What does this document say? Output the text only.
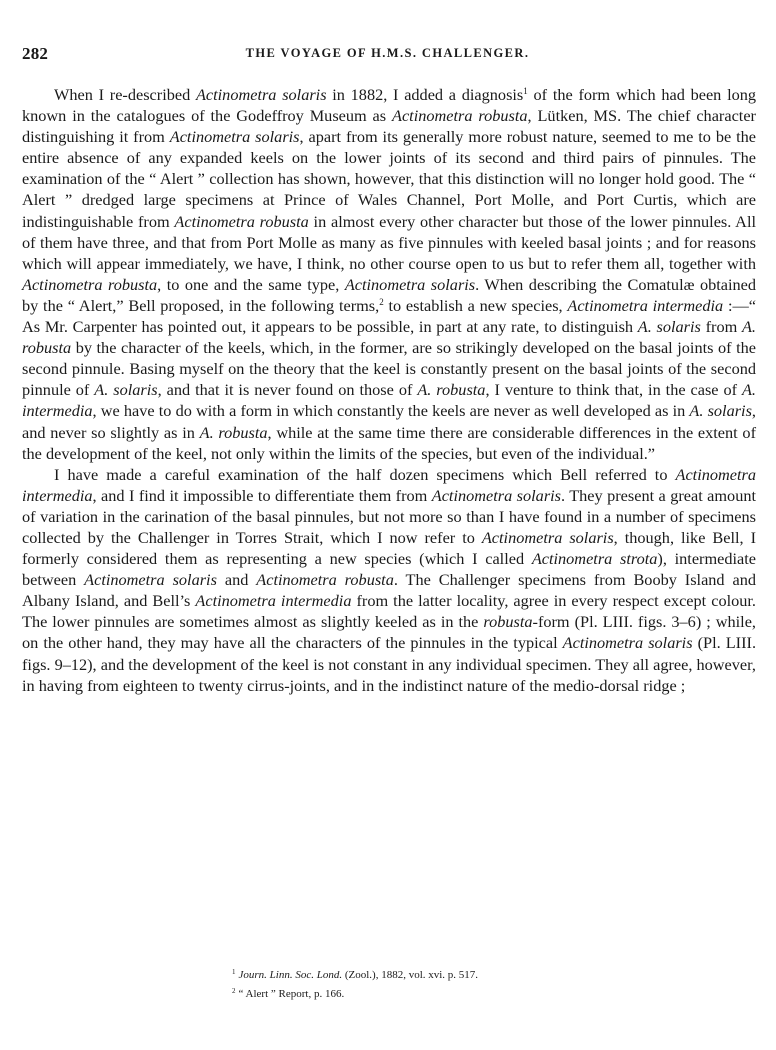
282	THE VOYAGE OF H.M.S. CHALLENGER.

When I re-described Actinometra solaris in 1882, I added a diagnosis$^1$ of the form which had been long known in the catalogues of the Godeffroy Museum as Actinometra robusta, Lütken, MS. The chief character distinguishing it from Actinometra solaris, apart from its generally more robust nature, seemed to me to be the entire absence of any expanded keels on the lower joints of its second and third pairs of pinnules. The examination of the “ Alert ” collection has shown, however, that this distinction will no longer hold good. The “ Alert ” dredged large specimens at Prince of Wales Channel, Port Molle, and Port Curtis, which are indistinguishable from Actinometra robusta in almost every other character but those of the lower pinnules. All of them have three, and that from Port Molle as many as five pinnules with keeled basal joints ; and for reasons which will appear immediately, we have, I think, no other course open to us but to refer them all, together with Actinometra robusta, to one and the same type, Actinometra solaris. When describing the Comatulæ obtained by the “ Alert,” Bell proposed, in the following terms,$^2$ to establish a new species, Actinometra intermedia :—“ As Mr. Carpenter has pointed out, it appears to be possible, in part at any rate, to distinguish A. solaris from A. robusta by the character of the keels, which, in the former, are so strikingly developed on the basal joints of the second pinnule. Basing myself on the theory that the keel is constantly present on the basal joints of the second pinnule of A. solaris, and that it is never found on those of A. robusta, I venture to think that, in the case of A. intermedia, we have to do with a form in which constantly the keels are never as well developed as in A. solaris, and never so slightly as in A. robusta, while at the same time there are considerable differences in the extent of the development of the keel, not only within the limits of the species, but even of the individual.”

I have made a careful examination of the half dozen specimens which Bell referred to Actinometra intermedia, and I find it impossible to differentiate them from Actinometra solaris. They present a great amount of variation in the carination of the basal pinnules, but not more so than I have found in a number of specimens collected by the Challenger in Torres Strait, which I now refer to Actinometra solaris, though, like Bell, I formerly considered them as representing a new species (which I called Actinometra strota), intermediate between Actinometra solaris and Actinometra robusta. The Challenger specimens from Booby Island and Albany Island, and Bell’s Actinometra intermedia from the latter locality, agree in every respect except colour. The lower pinnules are sometimes almost as slightly keeled as in the robusta-form (Pl. LIII. figs. 3–6) ; while, on the other hand, they may have all the characters of the pinnules in the typical Actinometra solaris (Pl. LIII. figs. 9–12), and the development of the keel is not constant in any individual specimen. They all agree, however, in having from eighteen to twenty cirrus-joints, and in the indistinct nature of the medio-dorsal ridge ;

$^1$ Journ. Linn. Soc. Lond. (Zool.), 1882, vol. xvi. p. 517.
$^2$ “ Alert ” Report, p. 166.
